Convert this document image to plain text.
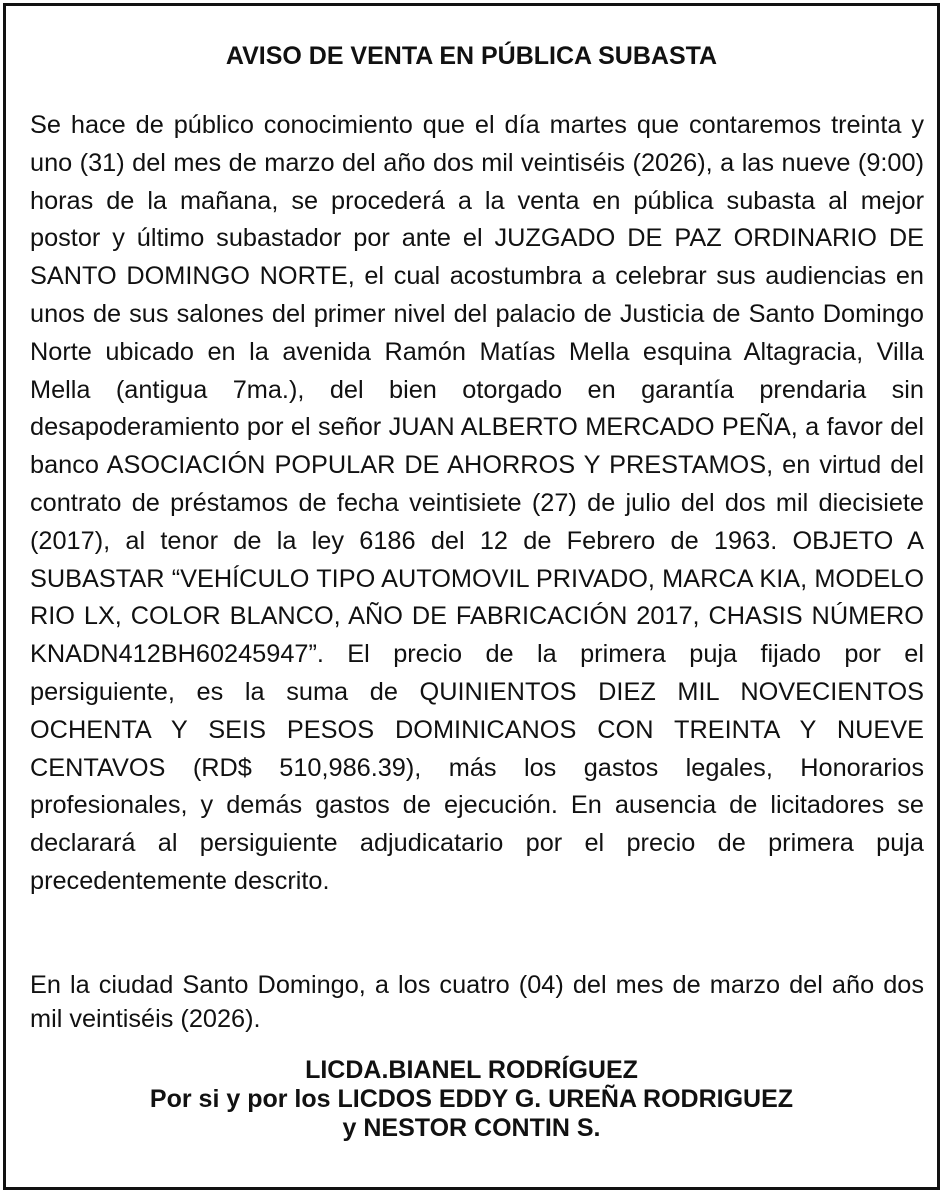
AVISO DE VENTA EN PÚBLICA SUBASTA

Se hace de público conocimiento que el día martes que contaremos treinta y uno (31) del mes de marzo del año dos mil veintiséis (2026), a las nueve (9:00) horas de la mañana, se procederá a la venta en pública subasta al mejor postor y último subastador por ante el JUZGADO DE PAZ ORDINARIO DE SANTO DOMINGO NORTE, el cual acostumbra a celebrar sus audiencias en unos de sus salones del primer nivel del palacio de Justicia de Santo Domingo Norte ubicado en la avenida Ramón Matías Mella esquina Altagracia, Villa Mella (antigua 7ma.), del bien otorgado en garantía prendaria sin desapoderamiento por el señor JUAN ALBERTO MERCADO PEÑA, a favor del banco ASOCIACIÓN POPULAR DE AHORROS Y PRESTAMOS, en virtud del contrato de préstamos de fecha veintisiete (27) de julio del dos mil diecisiete (2017), al tenor de la ley 6186 del 12 de Febrero de 1963. OBJETO A SUBASTAR “VEHÍCULO TIPO AUTOMOVIL PRIVADO, MARCA KIA, MODELO RIO LX, COLOR BLANCO, AÑO DE FABRICACIÓN 2017, CHASIS NÚMERO KNADN412BH60245947”. El precio de la primera puja fijado por el persiguiente, es la suma de QUINIENTOS DIEZ MIL NOVECIENTOS OCHENTA Y SEIS PESOS DOMINICANOS CON TREINTA Y NUEVE CENTAVOS (RD$ 510,986.39), más los gastos legales, Honorarios profesionales, y demás gastos de ejecución. En ausencia de licitadores se declarará al persiguiente adjudicatario por el precio de primera puja precedentemente descrito.

En la ciudad Santo Domingo, a los cuatro (04) del mes de marzo del año dos mil veintiséis (2026).

LICDA.BIANEL RODRÍGUEZ
Por si y por los LICDOS EDDY G. UREÑA RODRIGUEZ
y NESTOR CONTIN S.
